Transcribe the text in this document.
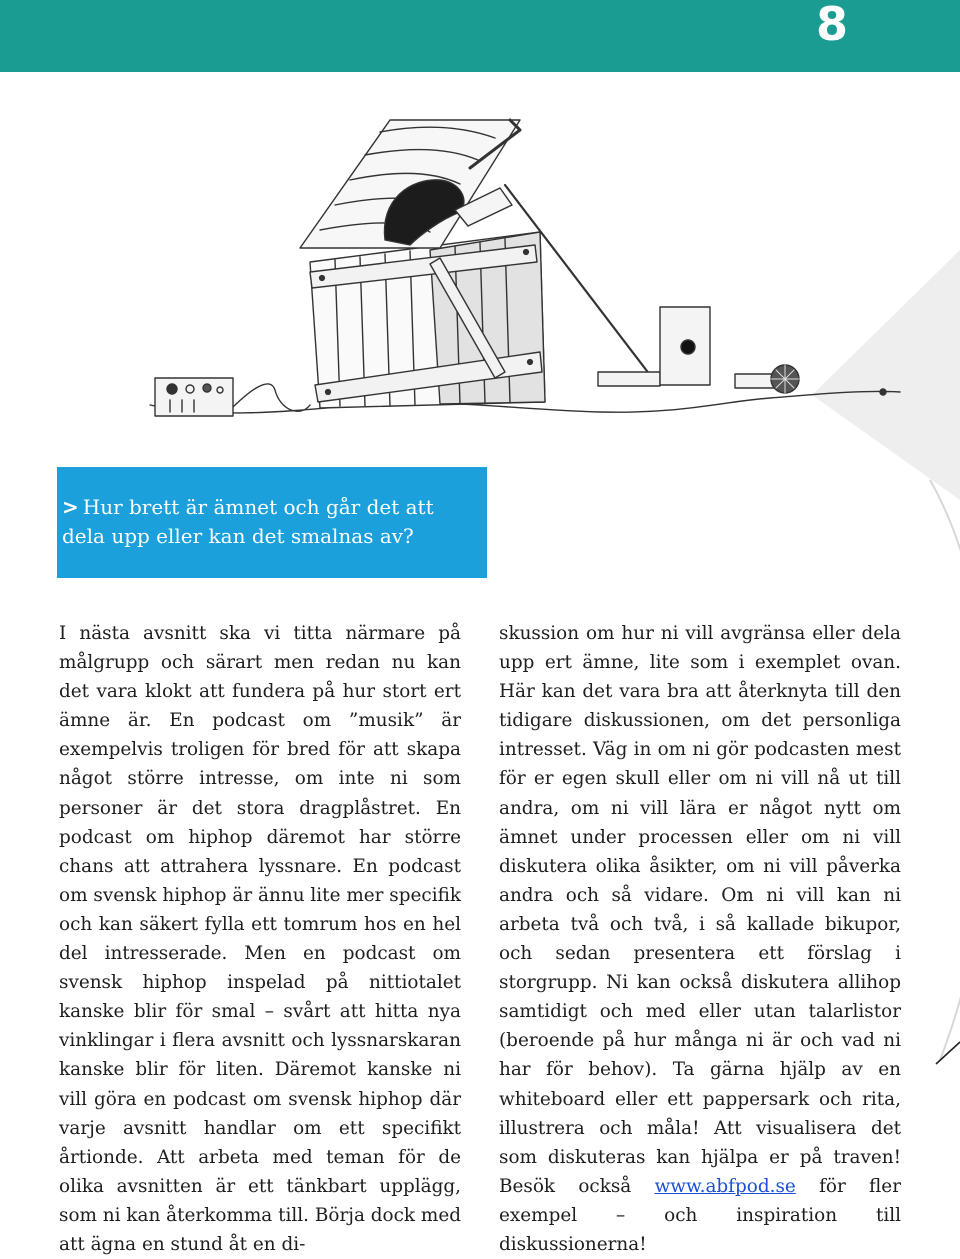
8
> Hur brett är ämnet och går det att dela upp eller kan det smalnas av?

I nästa avsnitt ska vi titta närmare på målgrupp och särart men redan nu kan det vara klokt att fundera på hur stort ert ämne är. En podcast om ”musik” är exempelvis troligen för bred för att skapa något större intresse, om inte ni som personer är det stora dragplåstret. En podcast om hiphop däremot har större chans att attrahera lyssnare. En podcast om svensk hiphop är ännu lite mer specifik och kan säkert fylla ett tomrum hos en hel del intresserade. Men en podcast om svensk hiphop inspelad på nittiotalet kanske blir för smal – svårt att hitta nya vinklingar i flera avsnitt och lyssnarskaran kanske blir för liten. Däremot kanske ni vill göra en podcast om svensk hiphop där varje avsnitt handlar om ett specifikt årtionde. Att arbeta med teman för de olika avsnitten är ett tänkbart upplägg, som ni kan återkomma till. Börja dock med att ägna en stund åt en di-

skussion om hur ni vill avgränsa eller dela upp ert ämne, lite som i exemplet ovan. Här kan det vara bra att återknyta till den tidigare diskussionen, om det personliga intresset. Väg in om ni gör podcasten mest för er egen skull eller om ni vill nå ut till andra, om ni vill lära er något nytt om ämnet under processen eller om ni vill diskutera olika åsikter, om ni vill påverka andra och så vidare. Om ni vill kan ni arbeta två och två, i så kallade bikupor, och sedan presentera ett förslag i storgrupp. Ni kan också diskutera allihop samtidigt och med eller utan talarlistor (beroende på hur många ni är och vad ni har för behov). Ta gärna hjälp av en whiteboard eller ett pappersark och rita, illustrera och måla! Att visualisera det som diskuteras kan hjälpa er på traven! Besök också www.abfpod.se för fler exempel – och inspiration till diskussionerna!
